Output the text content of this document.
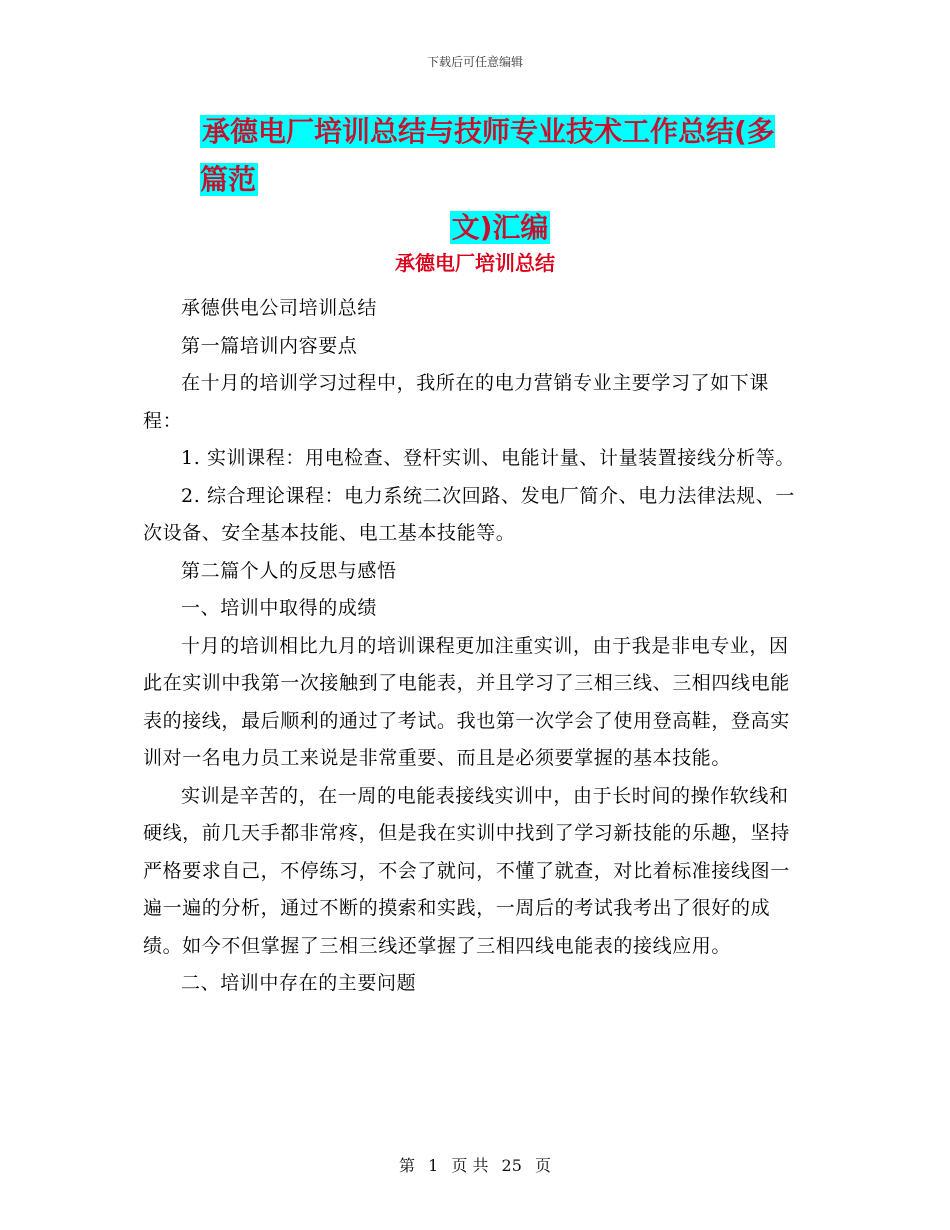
下载后可任意编辑
承德电厂培训总结与技师专业技术工作总结(多篇范
文)汇编
承德电厂培训总结

承德供电公司培训总结

第一篇培训内容要点

在十月的培训学习过程中，我所在的电力营销专业主要学习了如下课程：

1. 实训课程：用电检查、登杆实训、电能计量、计量装置接线分析等。

2. 综合理论课程：电力系统二次回路、发电厂简介、电力法律法规、一次设备、安全基本技能、电工基本技能等。

第二篇个人的反思与感悟

一、培训中取得的成绩

十月的培训相比九月的培训课程更加注重实训，由于我是非电专业，因此在实训中我第一次接触到了电能表，并且学习了三相三线、三相四线电能表的接线，最后顺利的通过了考试。我也第一次学会了使用登高鞋，登高实训对一名电力员工来说是非常重要、而且是必须要掌握的基本技能。

实训是辛苦的，在一周的电能表接线实训中，由于长时间的操作软线和硬线，前几天手都非常疼，但是我在实训中找到了学习新技能的乐趣，坚持严格要求自己，不停练习，不会了就问，不懂了就查，对比着标准接线图一遍一遍的分析，通过不断的摸索和实践，一周后的考试我考出了很好的成绩。如今不但掌握了三相三线还掌握了三相四线电能表的接线应用。

二、培训中存在的主要问题

第 1 页 共 25 页
